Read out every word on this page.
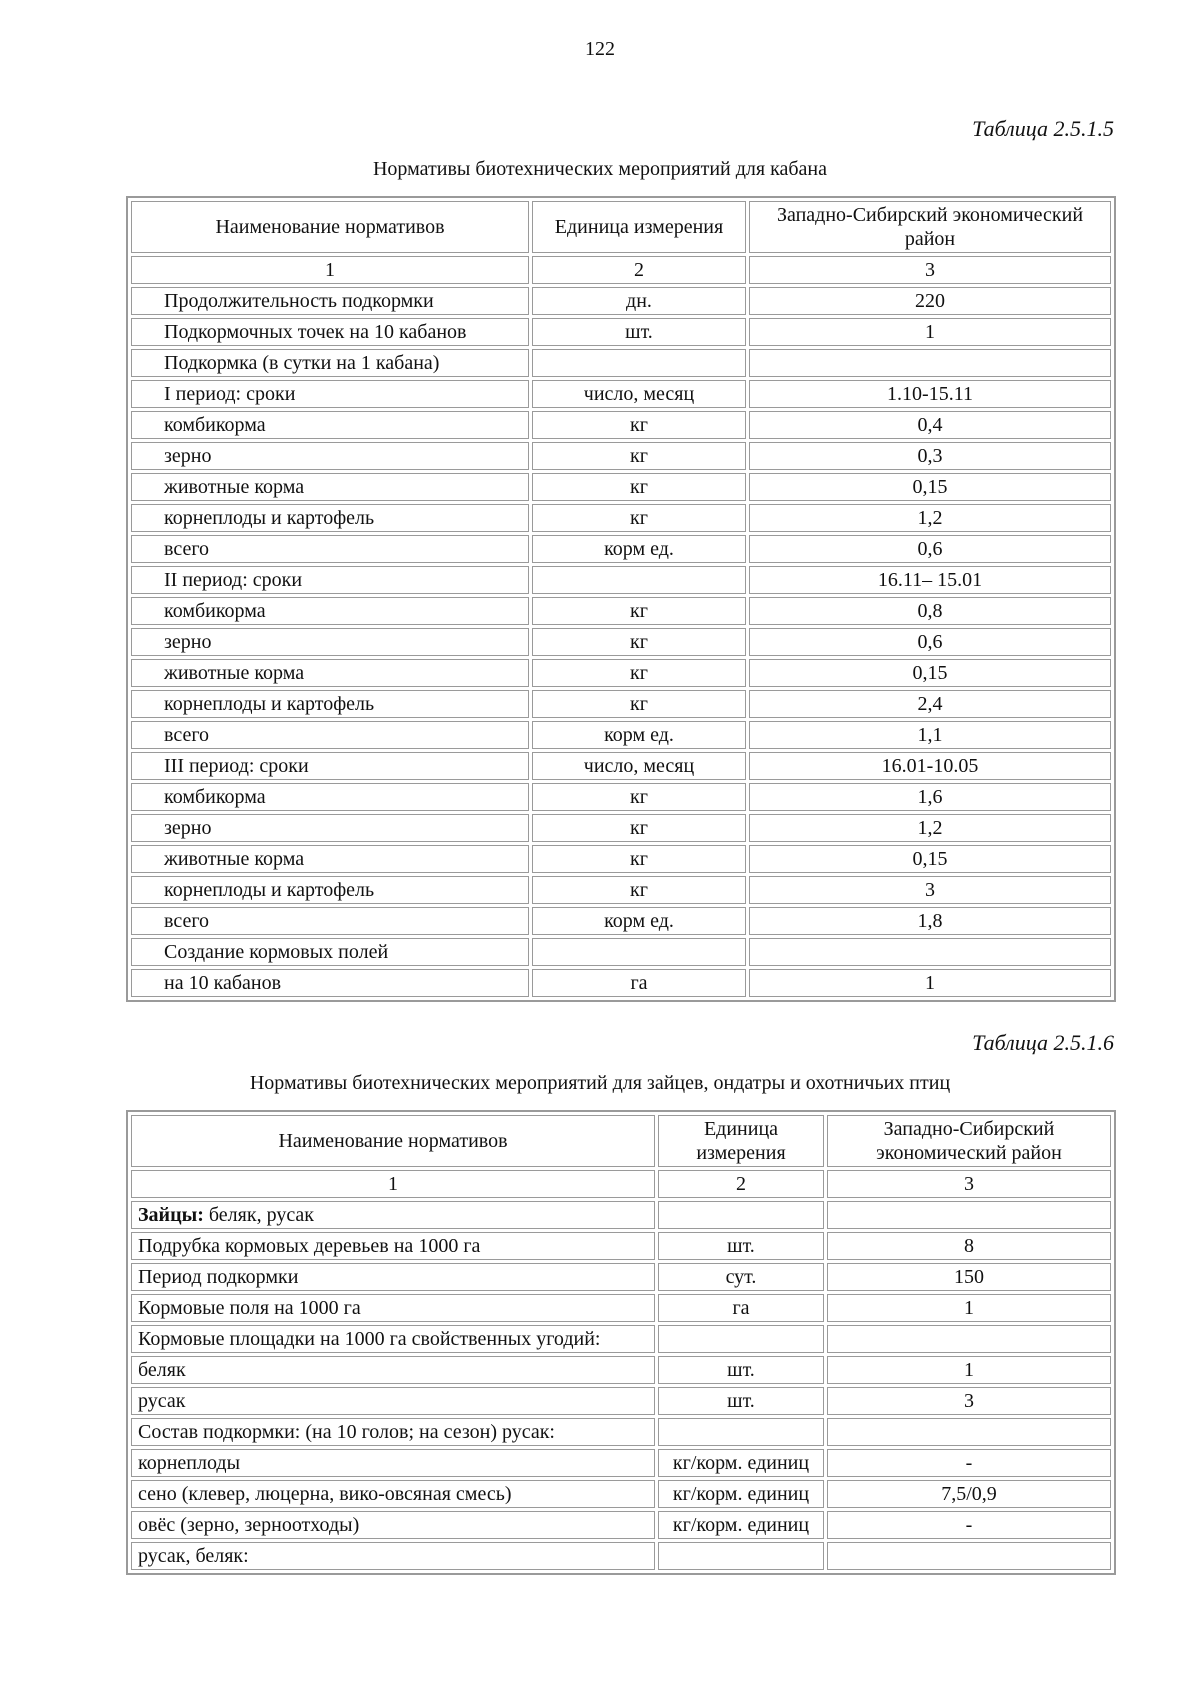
122
Таблица 2.5.1.5
Нормативы биотехнических мероприятий для кабана
Наименование нормативов	Единица измерения	Западно-Сибирский экономический район
1	2	3
Продолжительность подкормки	дн.	220
Подкормочных точек на 10 кабанов	шт.	1
Подкормка (в сутки на 1 кабана)		
I период: сроки	число, месяц	1.10-15.11
комбикорма	кг	0,4
зерно	кг	0,3
животные корма	кг	0,15
корнеплоды и картофель	кг	1,2
всего	корм ед.	0,6
II период: сроки		16.11– 15.01
комбикорма	кг	0,8
зерно	кг	0,6
животные корма	кг	0,15
корнеплоды и картофель	кг	2,4
всего	корм ед.	1,1
III период: сроки	число, месяц	16.01-10.05
комбикорма	кг	1,6
зерно	кг	1,2
животные корма	кг	0,15
корнеплоды и картофель	кг	3
всего	корм ед.	1,8
Создание кормовых полей		
на 10 кабанов	га	1
Таблица 2.5.1.6
Нормативы биотехнических мероприятий для зайцев, ондатры и охотничьих птиц
Наименование нормативов	Единица измерения	Западно-Сибирский экономический район
1	2	3
Зайцы: беляк, русак		
Подрубка кормовых деревьев на 1000 га	шт.	8
Период подкормки	сут.	150
Кормовые поля на 1000 га	га	1
Кормовые площадки на 1000 га свойственных угодий:		
беляк	шт.	1
русак	шт.	3
Состав подкормки: (на 10 голов; на сезон) русак:		
корнеплоды	кг/корм. единиц	-
сено (клевер, люцерна, вико-овсяная смесь)	кг/корм. единиц	7,5/0,9
овёс (зерно, зерноотходы)	кг/корм. единиц	-
русак, беляк:		
